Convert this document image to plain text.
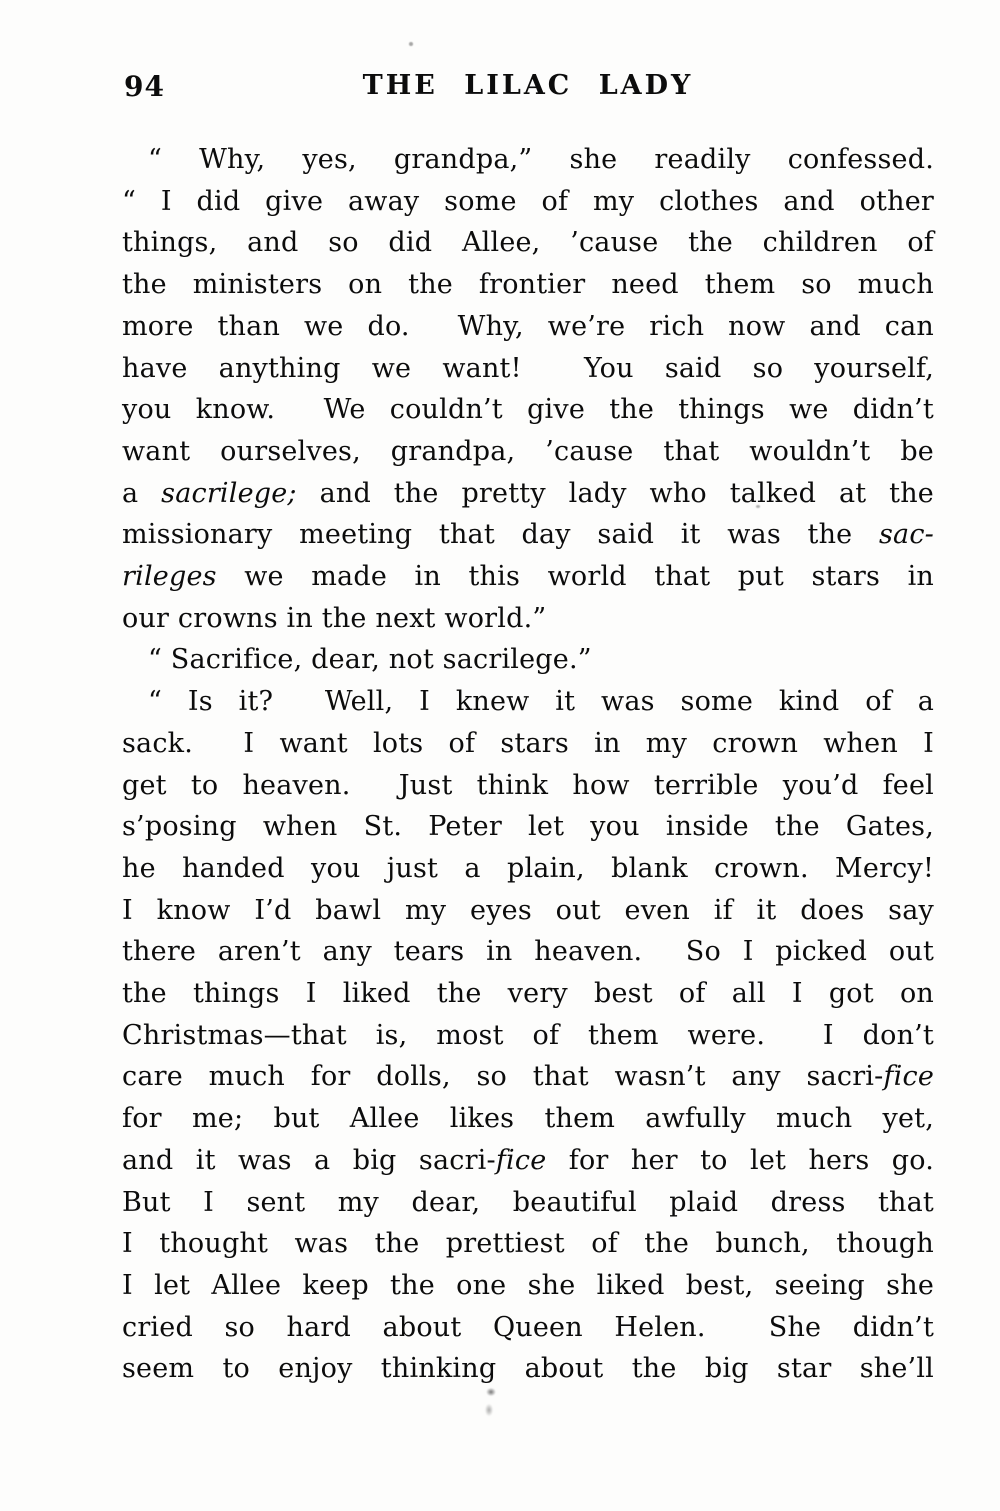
94	THE LILAC LADY
“ Why, yes, grandpa,” she readily confessed.
“ I did give away some of my clothes and other
things, and so did Allee, ’cause the children of
the ministers on the frontier need them so much
more than we do.  Why, we’re rich now and can
have anything we want!  You said so yourself,
you know.  We couldn’t give the things we didn’t
want ourselves, grandpa, ’cause that wouldn’t be
a sacrilege; and the pretty lady who talked at the
missionary meeting that day said it was the sac-
rileges we made in this world that put stars in
our crowns in the next world.”
“ Sacrifice, dear, not sacrilege.”
“ Is it?  Well, I knew it was some kind of a
sack.  I want lots of stars in my crown when I
get to heaven.  Just think how terrible you’d feel
s’posing when St. Peter let you inside the Gates,
he handed you just a plain, blank crown. Mercy!
I know I’d bawl my eyes out even if it does say
there aren’t any tears in heaven.  So I picked out
the things I liked the very best of all I got on
Christmas—that is, most of them were.  I don’t
care much for dolls, so that wasn’t any sacri-fice
for me; but Allee likes them awfully much yet,
and it was a big sacri-fice for her to let hers go.
But I sent my dear, beautiful plaid dress that
I thought was the prettiest of the bunch, though
I let Allee keep the one she liked best, seeing she
cried so hard about Queen Helen.  She didn’t
seem to enjoy thinking about the big star she’ll
